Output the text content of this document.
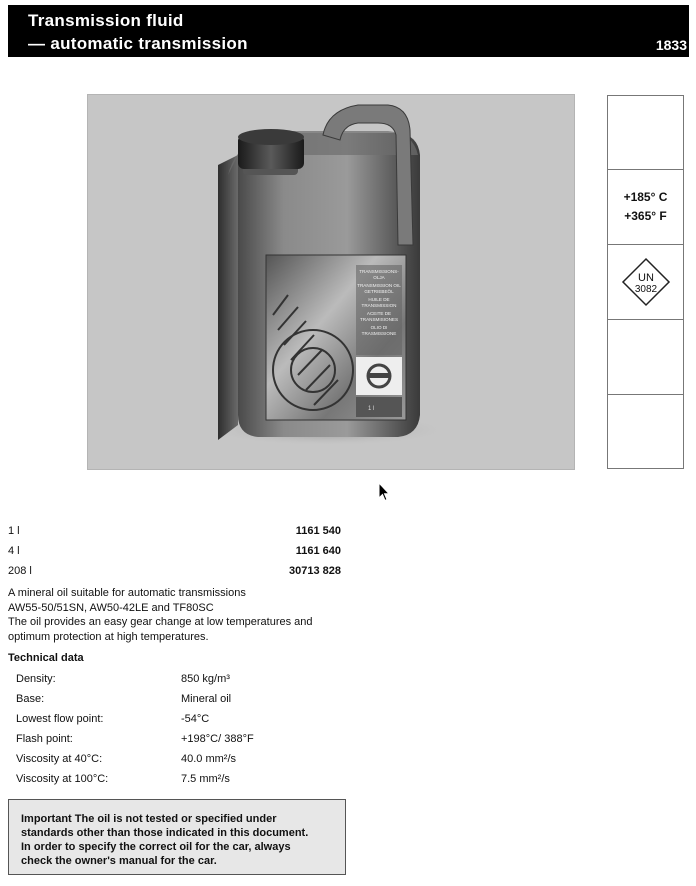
Transmission fluid
— automatic transmission	1833
TRANSMISSIONS-
OLJA
TRANSMISSION OIL
GETRIEBEÖL
HUILE DE
TRANSMISSION
ACEITE DE
TRANSMISIONES
OLIO DI
TRASMISSIONE
1 l
+185° C
+365° F
UN
3082
1 l	1161 540
4 l	1161 640
208 l	30713 828
A mineral oil suitable for automatic transmissions
AW55-50/51SN, AW50-42LE and TF80SC
The oil provides an easy gear change at low temperatures and
optimum protection at high temperatures.
Technical data
Density:	850 kg/m³
Base:	Mineral oil
Lowest flow point:	-54°C
Flash point:	+198°C/ 388°F
Viscosity at 40°C:	40.0 mm²/s
Viscosity at 100°C:	7.5 mm²/s
Important The oil is not tested or specified under
standards other than those indicated in this document.
In order to specify the correct oil for the car, always
check the owner's manual for the car.
